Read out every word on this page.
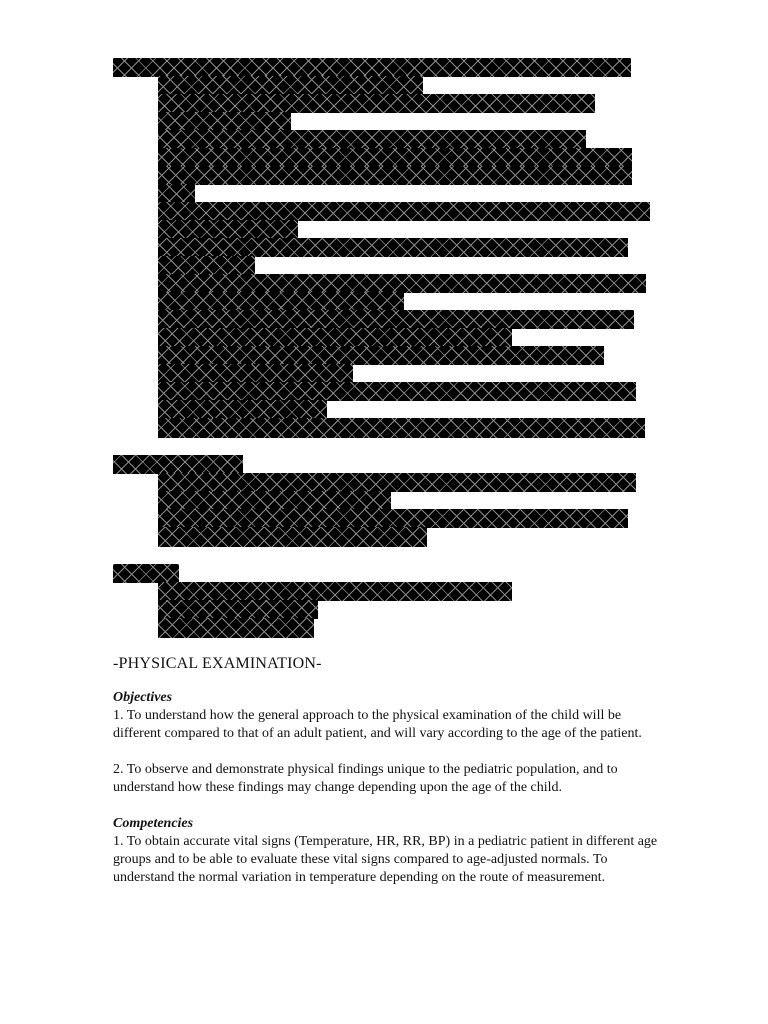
-PHYSICAL EXAMINATION-

Objectives

1. To understand how the general approach to the physical examination of the child will be different compared to that of an adult patient, and will vary according to the age of the patient.

2. To observe and demonstrate physical findings unique to the pediatric population, and to understand how these findings may change depending upon the age of the child.

Competencies

1. To obtain accurate vital signs (Temperature, HR, RR, BP) in a pediatric patient in different age groups and to be able to evaluate these vital signs compared to age-adjusted normals. To understand the normal variation in temperature depending on the route of measurement.
